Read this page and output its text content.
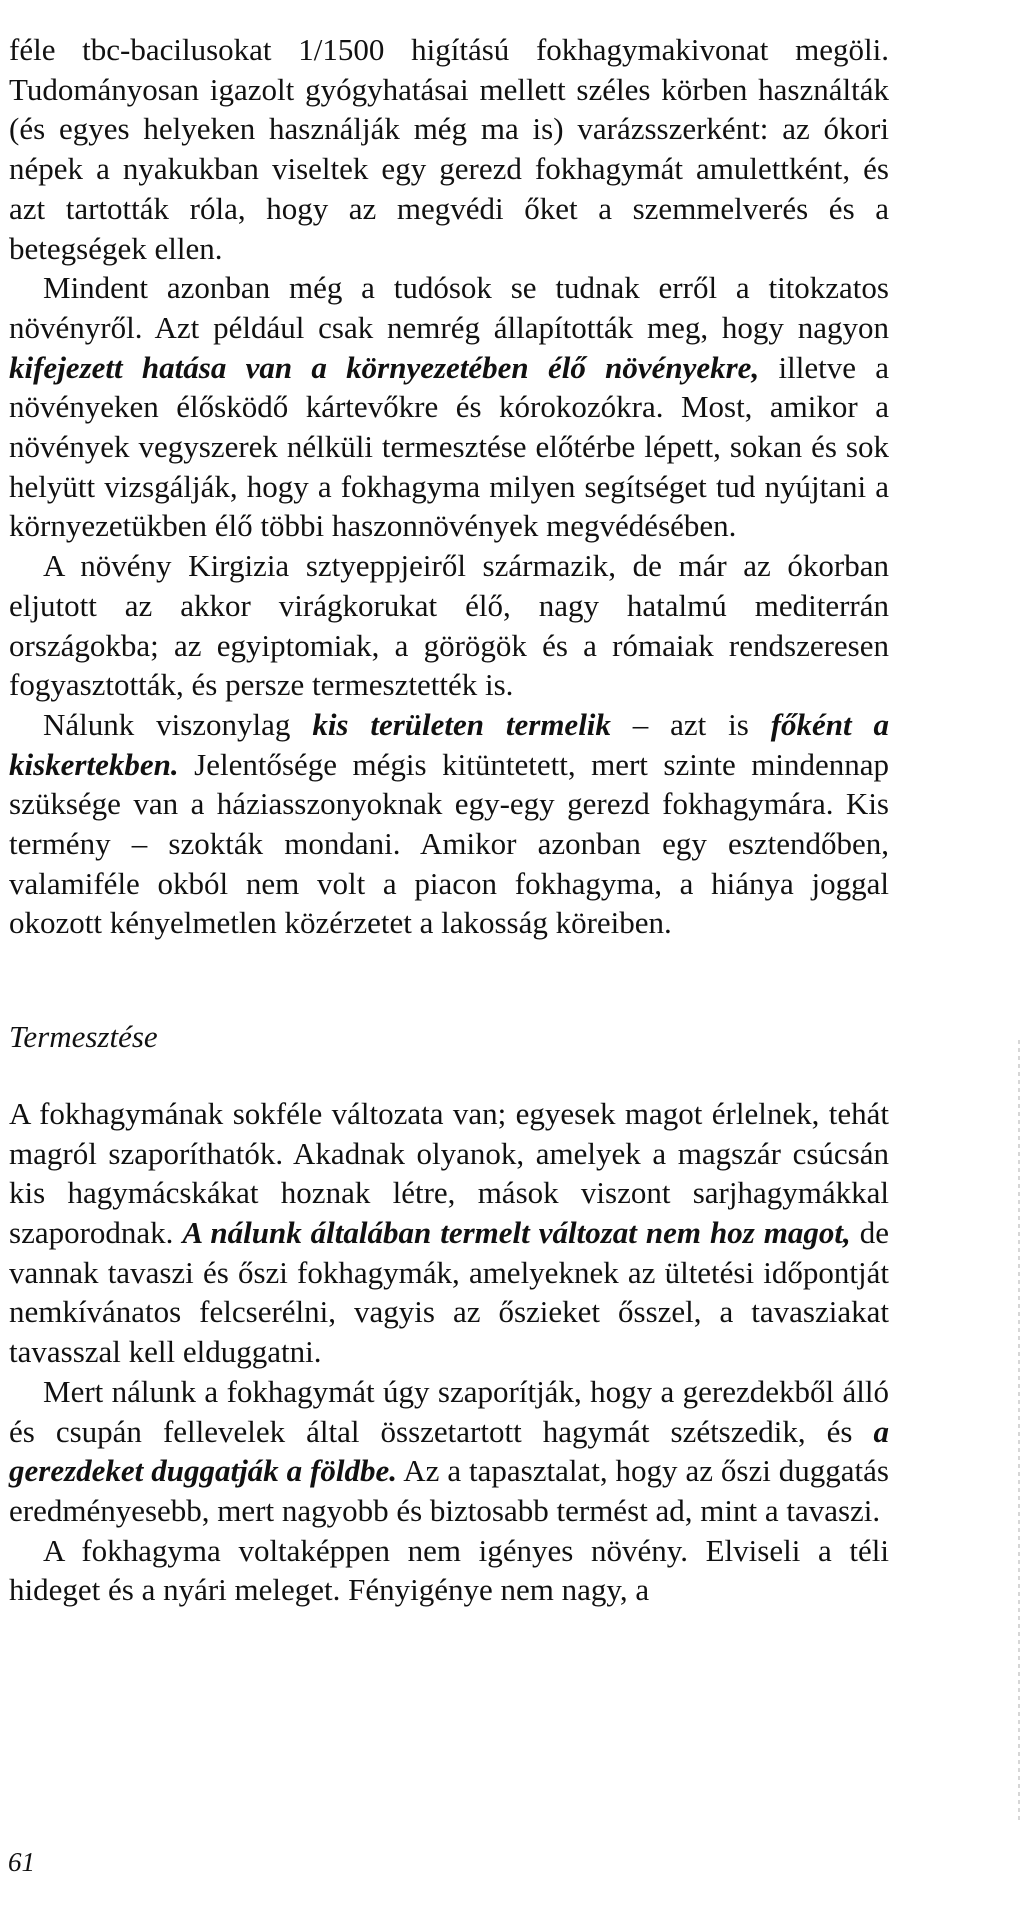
féle tbc-bacilusokat 1/1500 higítású fokhagymakivonat megöli. Tudományosan igazolt gyógyhatásai mellett széles körben használták (és egyes helyeken használják még ma is) varázsszerként: az ókori népek a nyakukban viseltek egy gerezd fokhagymát amulettként, és azt tartották róla, hogy az megvédi őket a szemmelverés és a betegségek ellen.

Mindent azonban még a tudósok se tudnak erről a titokzatos növényről. Azt például csak nemrég állapították meg, hogy nagyon kifejezett hatása van a környezetében élő növényekre, illetve a növényeken élősködő kártevőkre és kórokozókra. Most, amikor a növények vegyszerek nélküli termesztése előtérbe lépett, sokan és sok helyütt vizsgálják, hogy a fokhagyma milyen segítséget tud nyújtani a környezetükben élő többi haszonnövények megvédésében.

A növény Kirgizia sztyeppjeiről származik, de már az ókorban eljutott az akkor virágkorukat élő, nagy hatalmú mediterrán országokba; az egyiptomiak, a görögök és a rómaiak rendszeresen fogyasztották, és persze termesztették is.

Nálunk viszonylag kis területen termelik – azt is főként a kiskertekben. Jelentősége mégis kitüntetett, mert szinte mindennap szüksége van a háziasszonyoknak egy-egy gerezd fokhagymára. Kis termény – szokták mondani. Amikor azonban egy esztendőben, valamiféle okból nem volt a piacon fokhagyma, a hiánya joggal okozott kényelmetlen közérzetet a lakosság köreiben.

Termesztése

A fokhagymának sokféle változata van; egyesek magot érlelnek, tehát magról szaporíthatók. Akadnak olyanok, amelyek a magszár csúcsán kis hagymácskákat hoznak létre, mások viszont sarjhagymákkal szaporodnak. A nálunk általában termelt változat nem hoz magot, de vannak tavaszi és őszi fokhagymák, amelyeknek az ültetési időpontját nemkívánatos felcserélni, vagyis az őszieket ősszel, a tavasziakat tavasszal kell elduggatni.

Mert nálunk a fokhagymát úgy szaporítják, hogy a gerezdekből álló és csupán fellevelek által összetartott hagymát szétszedik, és a gerezdeket duggatják a földbe. Az a tapasztalat, hogy az őszi duggatás eredményesebb, mert nagyobb és biztosabb termést ad, mint a tavaszi.

A fokhagyma voltaképpen nem igényes növény. Elviseli a téli hideget és a nyári meleget. Fényigénye nem nagy, a

61
